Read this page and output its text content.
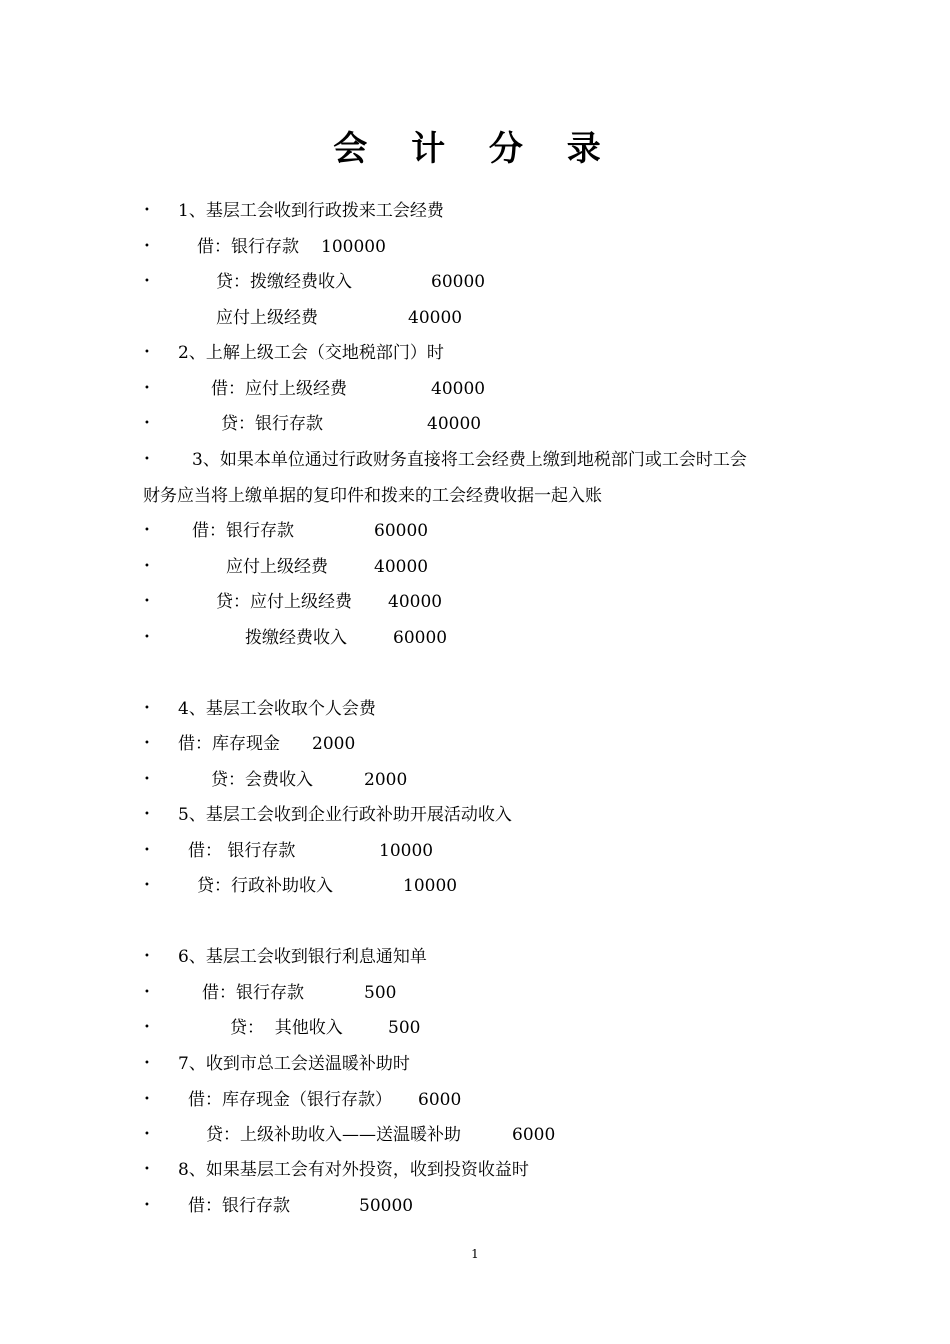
会 计 分 录
• 1、基层工会收到行政拨来工会经费
•	借：银行存款 100000
•	贷：拨缴经费收入	60000
应付上级经费	40000
• 2、上解上级工会（交地税部门）时
•	借：应付上级经费	40000
•	贷：银行存款	40000
• 3、如果本单位通过行政财务直接将工会经费上缴到地税部门或工会时工会
财务应当将上缴单据的复印件和拨来的工会经费收据一起入账
• 借：银行存款	60000
•	应付上级经费	40000
•	贷：应付上级经费 40000
•	拨缴经费收入	60000
• 4、基层工会收取个人会费
• 借：库存现金 2000
•	贷：会费收入	2000
• 5、基层工会收到企业行政补助开展活动收入
• 借： 银行存款	10000
•	贷：行政补助收入	10000
• 6、基层工会收到银行利息通知单
•	借：银行存款	500
•	贷：  其他收入	500
• 7、收到市总工会送温暖补助时
• 借：库存现金（银行存款） 6000
•	贷：上级补助收入——送温暖补助	6000
• 8、如果基层工会有对外投资，收到投资收益时
• 借：银行存款	50000
1
